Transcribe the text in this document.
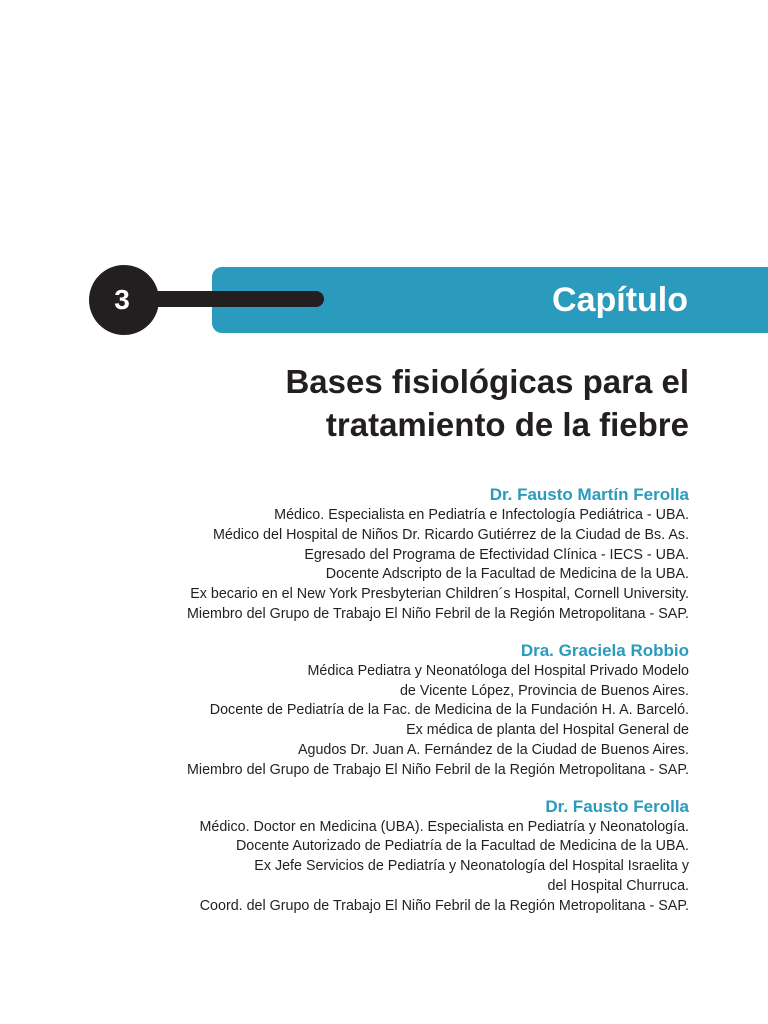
Capítulo
3
Bases fisiológicas para el
tratamiento de la fiebre
Dr. Fausto Martín Ferolla
Médico. Especialista en Pediatría e Infectología Pediátrica - UBA.
Médico del Hospital de Niños Dr. Ricardo Gutiérrez de la Ciudad de Bs. As.
Egresado del Programa de Efectividad Clínica - IECS - UBA.
Docente Adscripto de la Facultad de Medicina de la UBA.
Ex becario en el New York Presbyterian Children´s Hospital, Cornell University.
Miembro del Grupo de Trabajo El Niño Febril de la Región Metropolitana - SAP.
Dra. Graciela Robbio
Médica Pediatra y Neonatóloga del Hospital Privado Modelo
de Vicente López, Provincia de Buenos Aires.
Docente de Pediatría de la Fac. de Medicina de la Fundación H. A. Barceló.
Ex médica de planta del Hospital General de
Agudos Dr. Juan A. Fernández de la Ciudad de Buenos Aires.
Miembro del Grupo de Trabajo El Niño Febril de la Región Metropolitana - SAP.
Dr. Fausto Ferolla
Médico. Doctor en Medicina (UBA). Especialista en Pediatría y Neonatología.
Docente Autorizado de Pediatría de la Facultad de Medicina de la UBA.
Ex Jefe Servicios de Pediatría y Neonatología del Hospital Israelita y
del Hospital Churruca.
Coord. del Grupo de Trabajo El Niño Febril de la Región Metropolitana - SAP.
